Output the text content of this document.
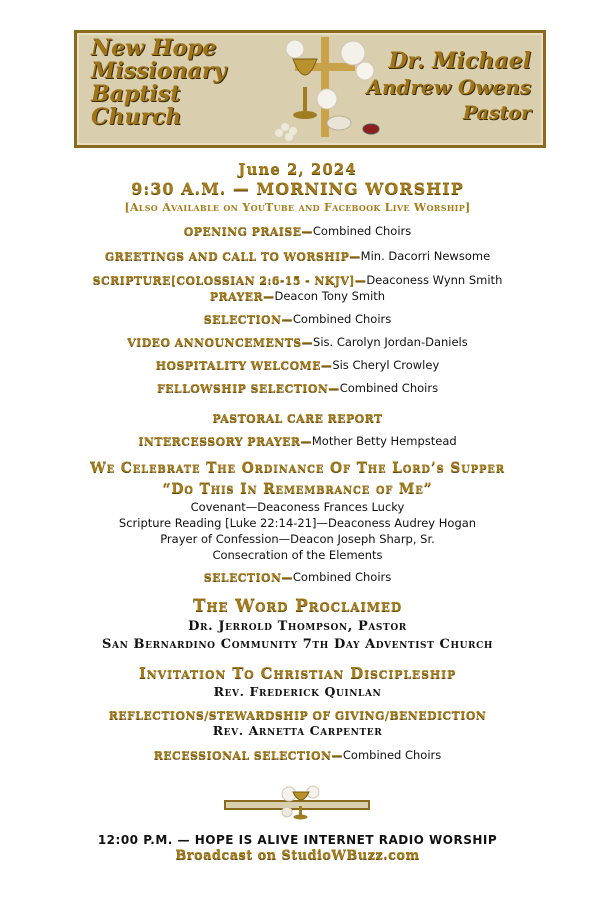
New Hope
Missionary
Baptist
Church
Dr. Michael
Andrew Owens
Pastor
June 2, 2024
9:30 A.M. — MORNING WORSHIP
[Also Available on YouTube and Facebook Live Worship]
OPENING PRAISE—Combined Choirs
GREETINGS AND CALL TO WORSHIP—Min. Dacorri Newsome
SCRIPTURE[COLOSSIAN 2:6-15 - NKJV]—Deaconess Wynn Smith
PRAYER—Deacon Tony Smith
SELECTION—Combined Choirs
VIDEO ANNOUNCEMENTS—Sis. Carolyn Jordan-Daniels
HOSPITALITY WELCOME—Sis Cheryl Crowley
FELLOWSHIP SELECTION—Combined Choirs
PASTORAL CARE REPORT
INTERCESSORY PRAYER—Mother Betty Hempstead
We Celebrate The Ordinance Of The Lord’s Supper
“Do This In Remembrance of Me”
Covenant—Deaconess Frances Lucky
Scripture Reading [Luke 22:14-21]—Deaconess Audrey Hogan
Prayer of Confession—Deacon Joseph Sharp, Sr.
Consecration of the Elements
SELECTION—Combined Choirs
The Word Proclaimed
Dr. Jerrold Thompson, Pastor
San Bernardino Community 7th Day Adventist Church
Invitation To Christian Discipleship
Rev. Frederick Quinlan
REFLECTIONS/STEWARDSHIP OF GIVING/BENEDICTION
Rev. Arnetta Carpenter
RECESSIONAL SELECTION—Combined Choirs
12:00 P.M. — HOPE IS ALIVE INTERNET RADIO WORSHIP
Broadcast on StudioWBuzz.com
